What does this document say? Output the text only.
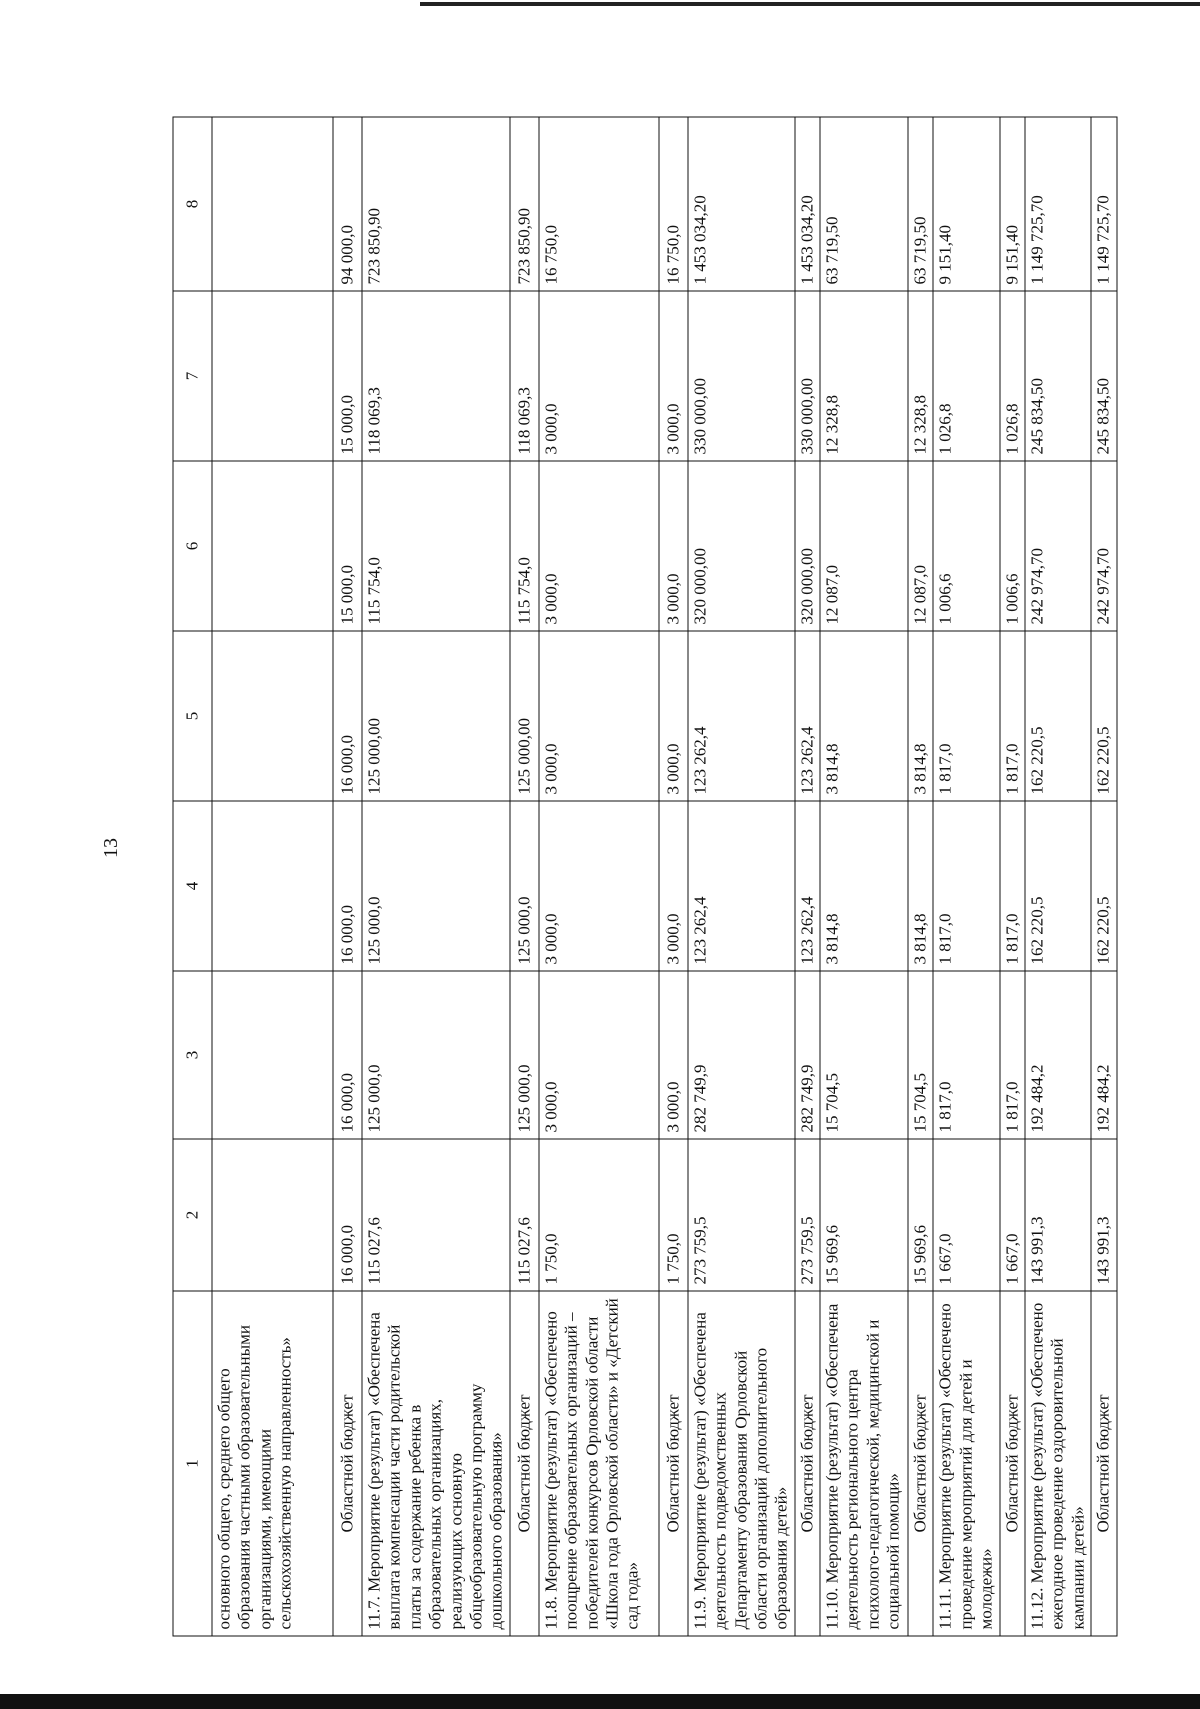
13
1	2	3	4	5	6	7	8
основного общего, среднего общего образования частными образовательными организациями, имеющими сельскохозяйственную направленность»							
Областной бюджет	16 000,0	16 000,0	16 000,0	16 000,0	15 000,0	15 000,0	94 000,0
11.7. Мероприятие (результат) «Обеспечена выплата компенсации части родительской платы за содержание ребенка в образовательных организациях, реализующих основную общеобразовательную программу дошкольного образования»	115 027,6	125 000,0	125 000,0	125 000,00	115 754,0	118 069,3	723 850,90
Областной бюджет	115 027,6	125 000,0	125 000,0	125 000,00	115 754,0	118 069,3	723 850,90
11.8. Мероприятие (результат) «Обеспечено поощрение образовательных организаций – победителей конкурсов Орловской области «Школа года Орловской области» и «Детский сад года»	1 750,0	3 000,0	3 000,0	3 000,0	3 000,0	3 000,0	16 750,0
Областной бюджет	1 750,0	3 000,0	3 000,0	3 000,0	3 000,0	3 000,0	16 750,0
11.9. Мероприятие (результат) «Обеспечена деятельность подведомственных Департаменту образования Орловской области организаций дополнительного образования детей»	273 759,5	282 749,9	123 262,4	123 262,4	320 000,00	330 000,00	1 453 034,20
Областной бюджет	273 759,5	282 749,9	123 262,4	123 262,4	320 000,00	330 000,00	1 453 034,20
11.10. Мероприятие (результат) «Обеспечена деятельность регионального центра психолого-педагогической, медицинской и социальной помощи»	15 969,6	15 704,5	3 814,8	3 814,8	12 087,0	12 328,8	63 719,50
Областной бюджет	15 969,6	15 704,5	3 814,8	3 814,8	12 087,0	12 328,8	63 719,50
11.11. Мероприятие (результат) «Обеспечено проведение мероприятий для детей и молодежи»	1 667,0	1 817,0	1 817,0	1 817,0	1 006,6	1 026,8	9 151,40
Областной бюджет	1 667,0	1 817,0	1 817,0	1 817,0	1 006,6	1 026,8	9 151,40
11.12. Мероприятие (результат) «Обеспечено ежегодное проведение оздоровительной кампании детей»	143 991,3	192 484,2	162 220,5	162 220,5	242 974,70	245 834,50	1 149 725,70
Областной бюджет	143 991,3	192 484,2	162 220,5	162 220,5	242 974,70	245 834,50	1 149 725,70
